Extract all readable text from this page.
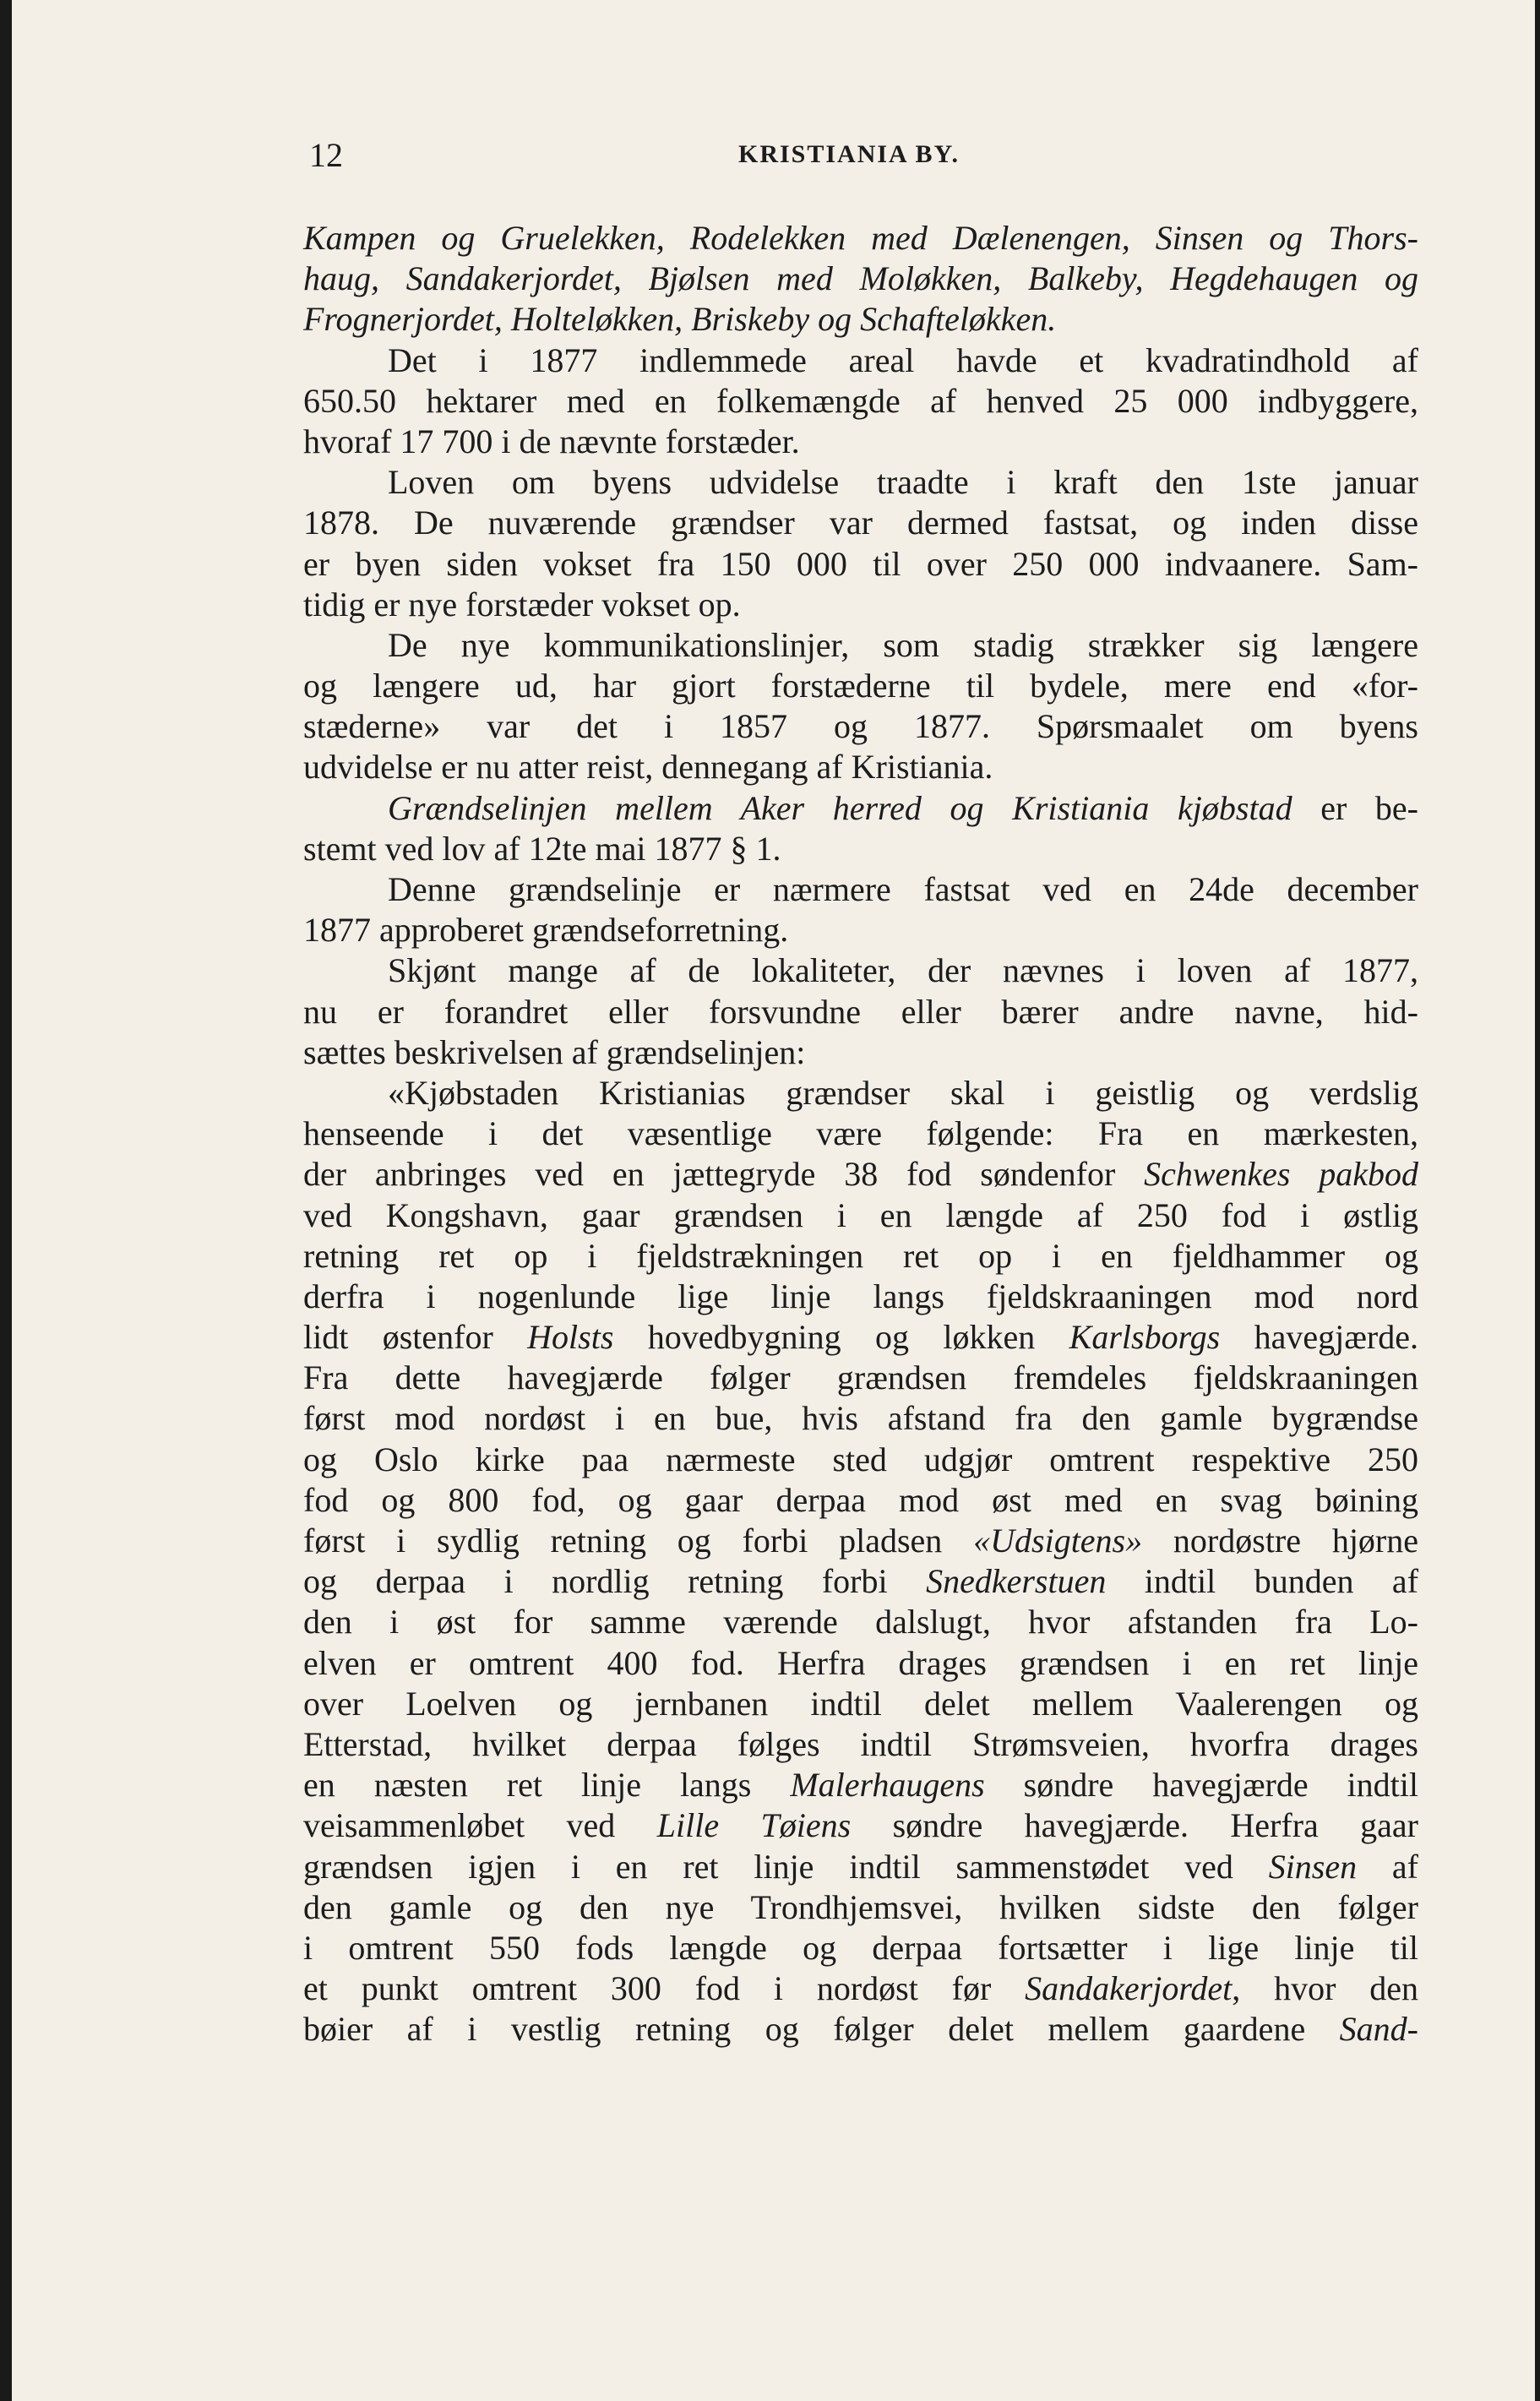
12	KRISTIANIA BY.
Kampen og Gruelekken, Rodelekken med Dælenengen, Sinsen og Thors-
haug, Sandakerjordet, Bjølsen med Moløkken, Balkeby, Hegdehaugen og
Frognerjordet, Holteløkken, Briskeby og Schafteløkken.
Det i 1877 indlemmede areal havde et kvadratindhold af
650.50 hektarer med en folkemængde af henved 25 000 indbyggere,
hvoraf 17 700 i de nævnte forstæder.
Loven om byens udvidelse traadte i kraft den 1ste januar
1878. De nuværende grændser var dermed fastsat, og inden disse
er byen siden vokset fra 150 000 til over 250 000 indvaanere. Sam-
tidig er nye forstæder vokset op.
De nye kommunikationslinjer, som stadig strækker sig længere
og længere ud, har gjort forstæderne til bydele, mere end «for-
stæderne» var det i 1857 og 1877. Spørsmaalet om byens
udvidelse er nu atter reist, dennegang af Kristiania.
Grændselinjen mellem Aker herred og Kristiania kjøbstad er be-
stemt ved lov af 12te mai 1877 § 1.
Denne grændselinje er nærmere fastsat ved en 24de december
1877 approberet grændseforretning.
Skjønt mange af de lokaliteter, der nævnes i loven af 1877,
nu er forandret eller forsvundne eller bærer andre navne, hid-
sættes beskrivelsen af grændselinjen:
«Kjøbstaden Kristianias grændser skal i geistlig og verdslig
henseende i det væsentlige være følgende: Fra en mærkesten,
der anbringes ved en jættegryde 38 fod søndenfor Schwenkes pakbod
ved Kongshavn, gaar grændsen i en længde af 250 fod i østlig
retning ret op i fjeldstrækningen ret op i en fjeldhammer og
derfra i nogenlunde lige linje langs fjeldskraaningen mod nord
lidt østenfor Holsts hovedbygning og løkken Karlsborgs havegjærde.
Fra dette havegjærde følger grændsen fremdeles fjeldskraaningen
først mod nordøst i en bue, hvis afstand fra den gamle bygrændse
og Oslo kirke paa nærmeste sted udgjør omtrent respektive 250
fod og 800 fod, og gaar derpaa mod øst med en svag bøining
først i sydlig retning og forbi pladsen «Udsigtens» nordøstre hjørne
og derpaa i nordlig retning forbi Snedkerstuen indtil bunden af
den i øst for samme værende dalslugt, hvor afstanden fra Lo-
elven er omtrent 400 fod. Herfra drages grændsen i en ret linje
over Loelven og jernbanen indtil delet mellem Vaalerengen og
Etterstad, hvilket derpaa følges indtil Strømsveien, hvorfra drages
en næsten ret linje langs Malerhaugens søndre havegjærde indtil
veisammenløbet ved Lille Tøiens søndre havegjærde. Herfra gaar
grændsen igjen i en ret linje indtil sammenstødet ved Sinsen af
den gamle og den nye Trondhjemsvei, hvilken sidste den følger
i omtrent 550 fods længde og derpaa fortsætter i lige linje til
et punkt omtrent 300 fod i nordøst før Sandakerjordet, hvor den
bøier af i vestlig retning og følger delet mellem gaardene Sand-
